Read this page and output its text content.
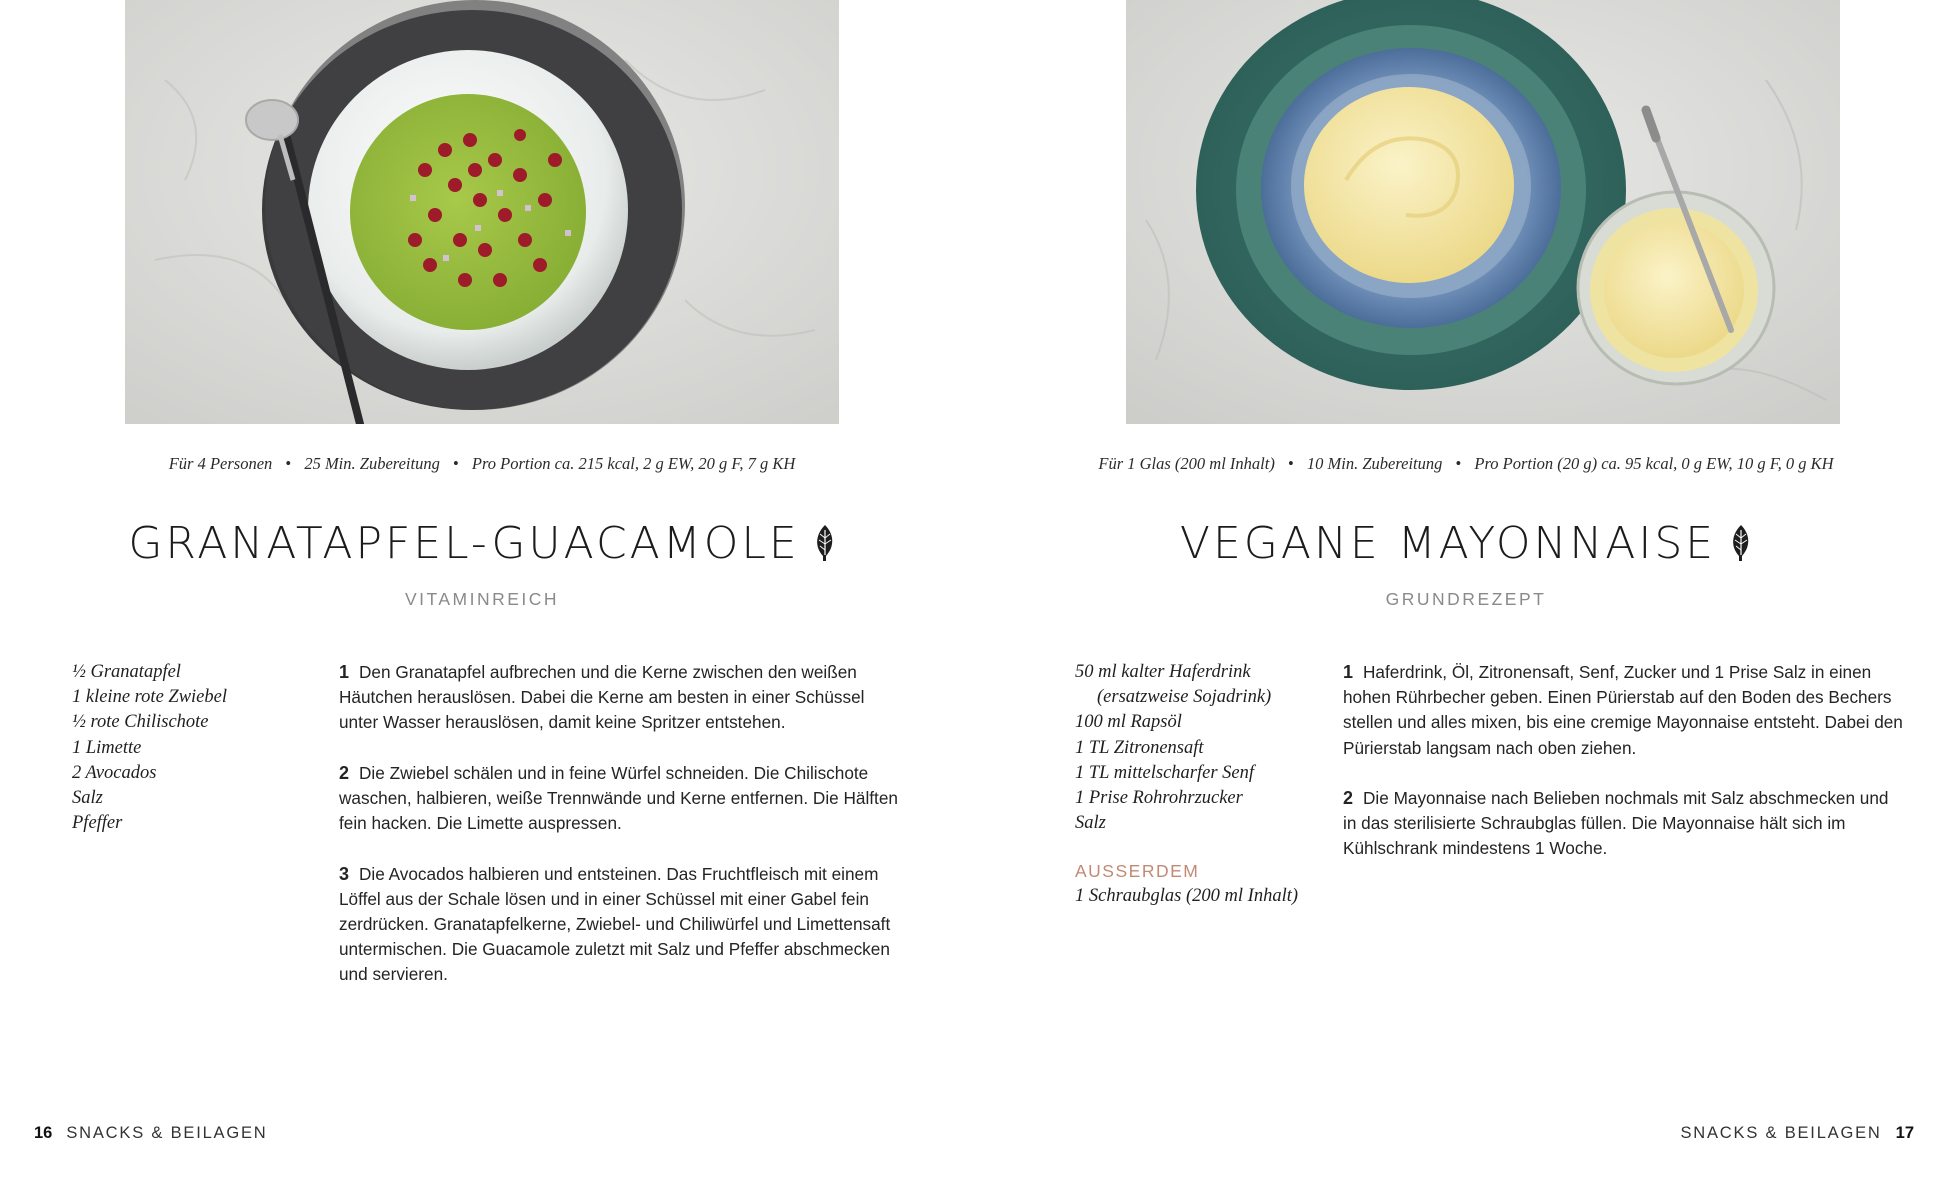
Für 4 Personen • 25 Min. Zubereitung • Pro Portion ca. 215 kcal, 2 g EW, 20 g F, 7 g KH
GRANATAPFEL-GUACAMOLE
VITAMINREICH
½ Granatapfel
1 kleine rote Zwiebel
½ rote Chilischote
1 Limette
2 Avocados
Salz
Pfeffer

1 Den Granatapfel aufbrechen und die Kerne zwischen den weißen Häutchen herauslösen. Dabei die Kerne am besten in einer Schüssel unter Wasser herauslösen, damit keine Spritzer entstehen.

2 Die Zwiebel schälen und in feine Würfel schneiden. Die Chilischote waschen, halbieren, weiße Trennwände und Kerne entfernen. Die Hälften fein hacken. Die Limette auspressen.

3 Die Avocados halbieren und entsteinen. Das Fruchtfleisch mit einem Löffel aus der Schale lösen und in einer Schüssel mit einer Gabel fein zerdrücken. Granatapfelkerne, Zwiebel- und Chiliwürfel und Limettensaft untermischen. Die Guacamole zuletzt mit Salz und Pfeffer abschmecken und servieren.

16 SNACKS & BEILAGEN
Für 1 Glas (200 ml Inhalt) • 10 Min. Zubereitung • Pro Portion (20 g) ca. 95 kcal, 0 g EW, 10 g F, 0 g KH
VEGANE MAYONNAISE
GRUNDREZEPT
50 ml kalter Haferdrink
(ersatzweise Sojadrink)
100 ml Rapsöl
1 TL Zitronensaft
1 TL mittelscharfer Senf
1 Prise Rohrohrzucker
Salz
AUSSERDEM
1 Schraubglas (200 ml Inhalt)

1 Haferdrink, Öl, Zitronensaft, Senf, Zucker und 1 Prise Salz in einen hohen Rührbecher geben. Einen Pürierstab auf den Boden des Bechers stellen und alles mixen, bis eine cremige Mayonnaise entsteht. Dabei den Pürierstab langsam nach oben ziehen.

2 Die Mayonnaise nach Belieben nochmals mit Salz abschmecken und in das sterilisierte Schraubglas füllen. Die Mayonnaise hält sich im Kühlschrank mindestens 1 Woche.

SNACKS & BEILAGEN 17
